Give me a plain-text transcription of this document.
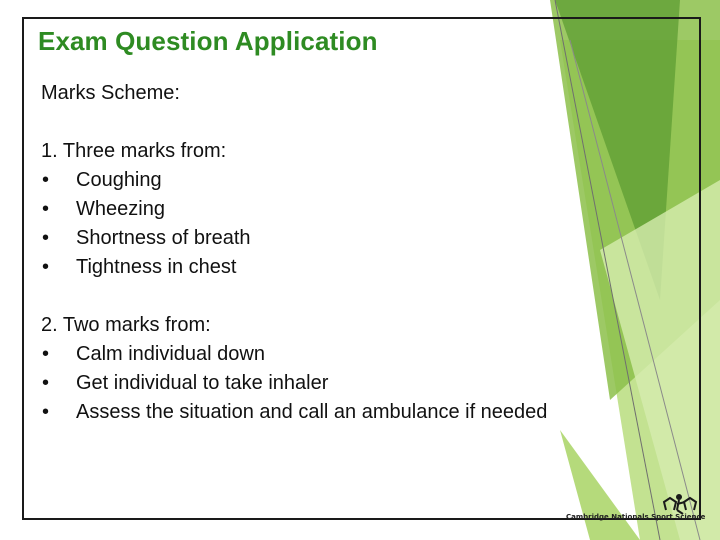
Exam Question Application

Marks Scheme:

1. Three marks from:

• Coughing
• Wheezing
• Shortness of breath
• Tightness in chest

2. Two marks from:

• Calm individual down
• Get individual to take inhaler
• Assess the situation and call an ambulance if needed
Cambridge Nationals Sport Science
